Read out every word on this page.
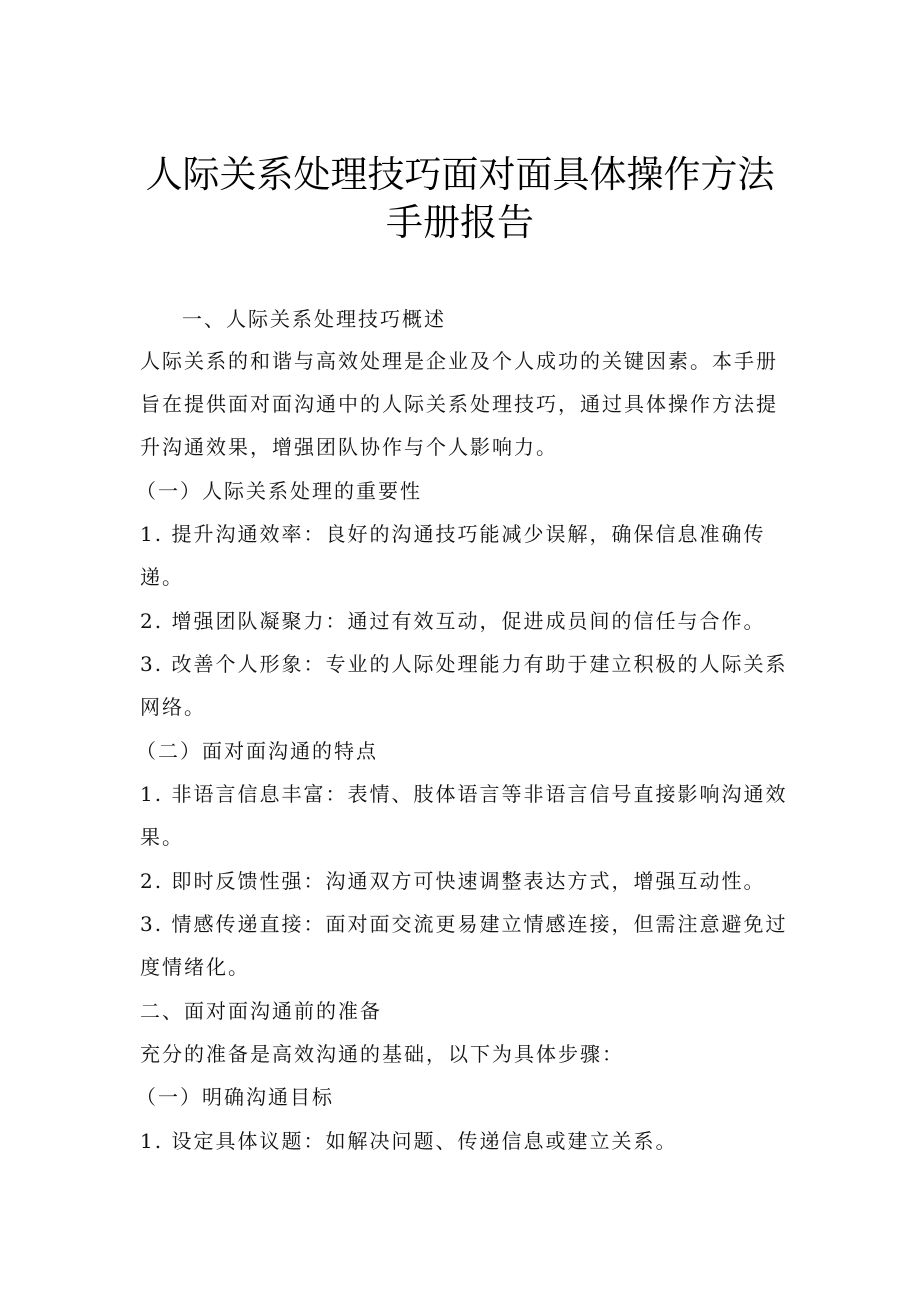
人际关系处理技巧面对面具体操作方法
手册报告
一、人际关系处理技巧概述
人际关系的和谐与高效处理是企业及个人成功的关键因素。本手册
旨在提供面对面沟通中的人际关系处理技巧，通过具体操作方法提
升沟通效果，增强团队协作与个人影响力。
（一）人际关系处理的重要性
1. 提升沟通效率：良好的沟通技巧能减少误解，确保信息准确传
递。
2. 增强团队凝聚力：通过有效互动，促进成员间的信任与合作。
3. 改善个人形象：专业的人际处理能力有助于建立积极的人际关系
网络。
（二）面对面沟通的特点
1. 非语言信息丰富：表情、肢体语言等非语言信号直接影响沟通效
果。
2. 即时反馈性强：沟通双方可快速调整表达方式，增强互动性。
3. 情感传递直接：面对面交流更易建立情感连接，但需注意避免过
度情绪化。
二、面对面沟通前的准备
充分的准备是高效沟通的基础，以下为具体步骤：
（一）明确沟通目标
1. 设定具体议题：如解决问题、传递信息或建立关系。
